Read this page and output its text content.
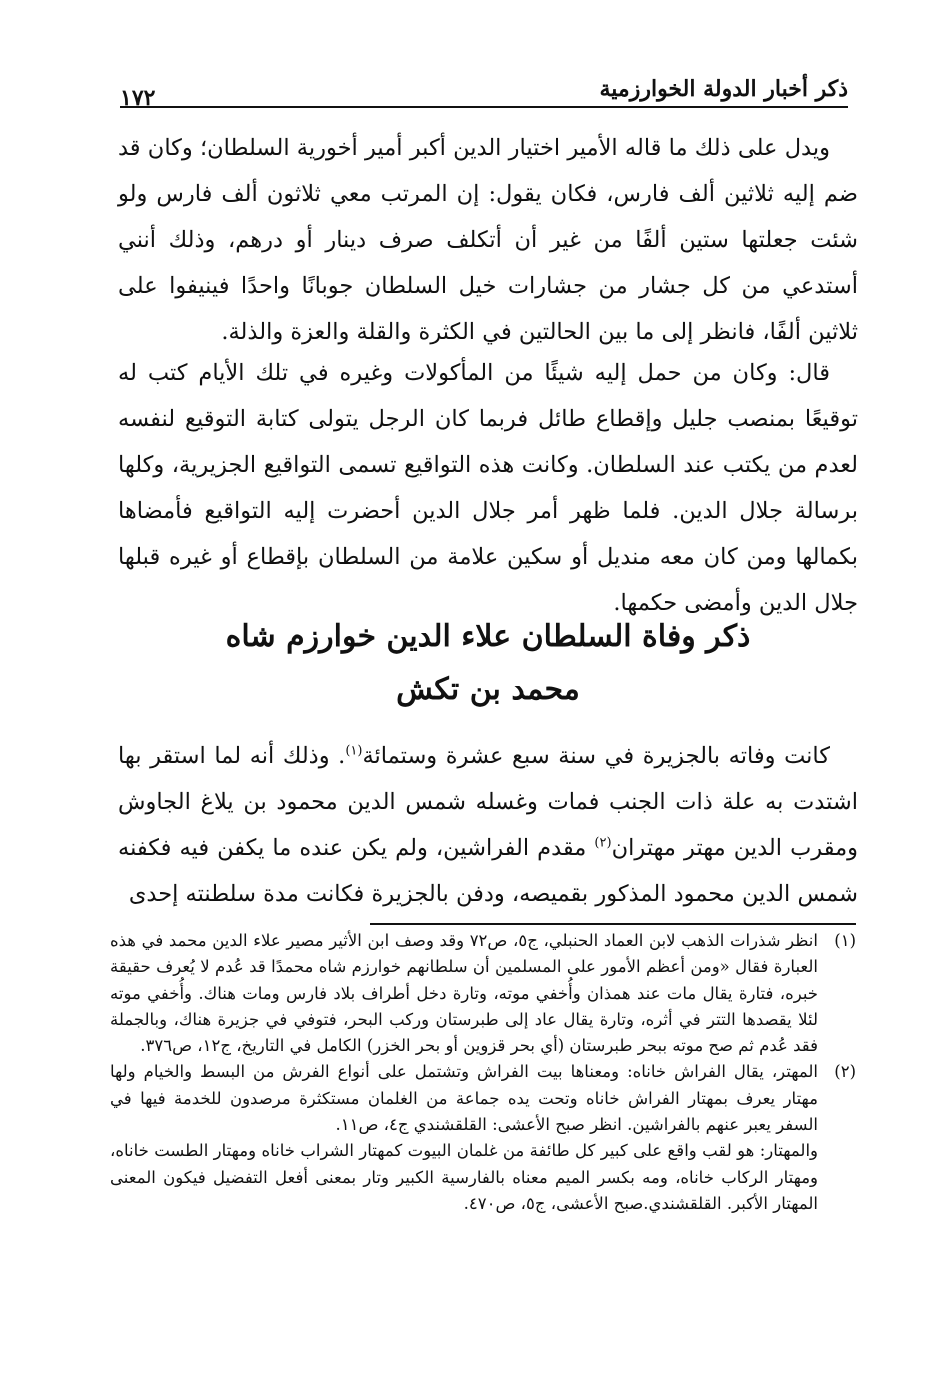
ذكر أخبار الدولة الخوارزمية
١٧٢

ويدل على ذلك ما قاله الأمير اختيار الدين أكبر أمير أخورية السلطان؛ وكان قد ضم إليه ثلاثين ألف فارس، فكان يقول: إن المرتب معي ثلاثون ألف فارس ولو شئت جعلتها ستين ألفًا من غير أن أتكلف صرف دينار أو درهم، وذلك أنني أستدعي من كل جشار من جشارات خيل السلطان جوبانًا واحدًا فينيفوا على ثلاثين ألفًا، فانظر إلى ما بين الحالتين في الكثرة والقلة والعزة والذلة.

قال: وكان من حمل إليه شيئًا من المأكولات وغيره في تلك الأيام كتب له توقيعًا بمنصب جليل وإقطاع طائل فربما كان الرجل يتولى كتابة التوقيع لنفسه لعدم من يكتب عند السلطان. وكانت هذه التواقيع تسمى التواقيع الجزيرية، وكلها برسالة جلال الدين. فلما ظهر أمر جلال الدين أحضرت إليه التواقيع فأمضاها بكمالها ومن كان معه منديل أو سكين علامة من السلطان بإقطاع أو غيره قبلها جلال الدين وأمضى حكمها.

ذكر وفاة السلطان علاء الدين خوارزم شاه
محمد بن تكش

كانت وفاته بالجزيرة في سنة سبع عشرة وستمائة$^{(١)}$. وذلك أنه لما استقر بها اشتدت به علة ذات الجنب فمات وغسله شمس الدين محمود بن يلاغ الجاوش ومقرب الدين مهتر مهتران$^{(٢)}$ مقدم الفراشين، ولم يكن عنده ما يكفن فيه فكفنه شمس الدين محمود المذكور بقميصه، ودفن بالجزيرة فكانت مدة سلطنته إحدى

(١)

انظر شذرات الذهب لابن العماد الحنبلي، ج٥، ص٧٢ وقد وصف ابن الأثير مصير علاء الدين محمد في هذه العبارة فقال «ومن أعظم الأمور على المسلمين أن سلطانهم خوارزم شاه محمدًا قد عُدم لا يُعرف حقيقة خبره، فتارة يقال مات عند همذان وأُخفي موته، وتارة دخل أطراف بلاد فارس ومات هناك. وأُخفي موته لئلا يقصدها التتر في أثره، وتارة يقال عاد إلى طبرستان وركب البحر، فتوفي في جزيرة هناك، وبالجملة فقد عُدم ثم صح موته ببحر طبرستان (أي بحر قزوين أو بحر الخزر) الكامل في التاريخ، ج١٢، ص٣٧٦.

(٢)

المهتر، يقال الفراش خاناه: ومعناها بيت الفراش وتشتمل على أنواع الفرش من البسط والخيام ولها مهتار يعرف بمهتار الفراش خاناه وتحت يده جماعة من الغلمان مستكثرة مرصدون للخدمة فيها في السفر يعبر عنهم بالفراشين. انظر صبح الأعشى: القلقشندي ج٤، ص١١.

والمهتار: هو لقب واقع على كبير كل طائفة من غلمان البيوت كمهتار الشراب خاناه ومهتار الطست خاناه، ومهتار الركاب خاناه، ومه بكسر الميم معناه بالفارسية الكبير وتار بمعنى أفعل التفضيل فيكون المعنى المهتار الأكبر. القلقشندي.صبح الأعشى، ج٥، ص٤٧٠.
